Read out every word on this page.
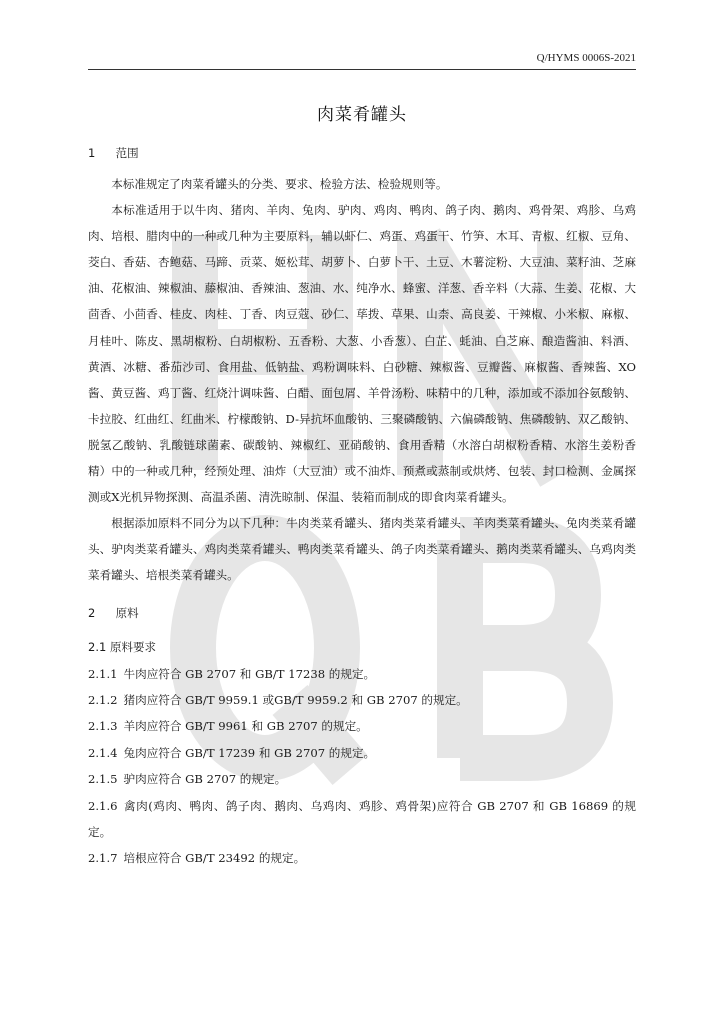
Q/HYMS 0006S-2021
肉菜肴罐头
1 范围

本标准规定了肉菜肴罐头的分类、要求、检验方法、检验规则等。

本标准适用于以牛肉、猪肉、羊肉、兔肉、驴肉、鸡肉、鸭肉、鸽子肉、鹅肉、鸡骨架、鸡胗、乌鸡肉、培根、腊肉中的一种或几种为主要原料，辅以虾仁、鸡蛋、鸡蛋干、竹笋、木耳、青椒、红椒、豆角、茭白、香菇、杏鲍菇、马蹄、贡菜、姬松茸、胡萝卜、白萝卜干、土豆、木薯淀粉、大豆油、菜籽油、芝麻油、花椒油、辣椒油、藤椒油、香辣油、葱油、水、纯净水、蜂蜜、洋葱、香辛料（大蒜、生姜、花椒、大茴香、小茴香、桂皮、肉桂、丁香、肉豆蔻、砂仁、荜拨、草果、山柰、高良姜、干辣椒、小米椒、麻椒、月桂叶、陈皮、黑胡椒粉、白胡椒粉、五香粉、大葱、小香葱）、白芷、蚝油、白芝麻、酿造酱油、料酒、黄酒、冰糖、番茄沙司、食用盐、低钠盐、鸡粉调味料、白砂糖、辣椒酱、豆瓣酱、麻椒酱、香辣酱、XO酱、黄豆酱、鸡丁酱、红烧汁调味酱、白醋、面包屑、羊骨汤粉、味精中的几种，添加或不添加谷氨酸钠、卡拉胶、红曲红、红曲米、柠檬酸钠、D-异抗坏血酸钠、三聚磷酸钠、六偏磷酸钠、焦磷酸钠、双乙酸钠、脱氢乙酸钠、乳酸链球菌素、碳酸钠、辣椒红、亚硝酸钠、食用香精（水溶白胡椒粉香精、水溶生姜粉香精）中的一种或几种，经预处理、油炸（大豆油）或不油炸、预煮或蒸制或烘烤、包装、封口检测、金属探测或X光机异物探测、高温杀菌、清洗晾制、保温、装箱而制成的即食肉菜肴罐头。

根据添加原料不同分为以下几种：牛肉类菜肴罐头、猪肉类菜肴罐头、羊肉类菜肴罐头、兔肉类菜肴罐头、驴肉类菜肴罐头、鸡肉类菜肴罐头、鸭肉类菜肴罐头、鸽子肉类菜肴罐头、鹅肉类菜肴罐头、乌鸡肉类菜肴罐头、培根类菜肴罐头。

2 原料
2.1 原料要求

2.1.1 牛肉应符合 GB 2707 和 GB/T 17238 的规定。

2.1.2 猪肉应符合 GB/T 9959.1 或GB/T 9959.2 和 GB 2707 的规定。

2.1.3 羊肉应符合 GB/T 9961 和 GB 2707 的规定。

2.1.4 兔肉应符合 GB/T 17239 和 GB 2707 的规定。

2.1.5 驴肉应符合 GB 2707 的规定。

2.1.6 禽肉(鸡肉、鸭肉、鸽子肉、鹅肉、乌鸡肉、鸡胗、鸡骨架)应符合 GB 2707 和 GB 16869 的规定。

2.1.7 培根应符合 GB/T 23492 的规定。
